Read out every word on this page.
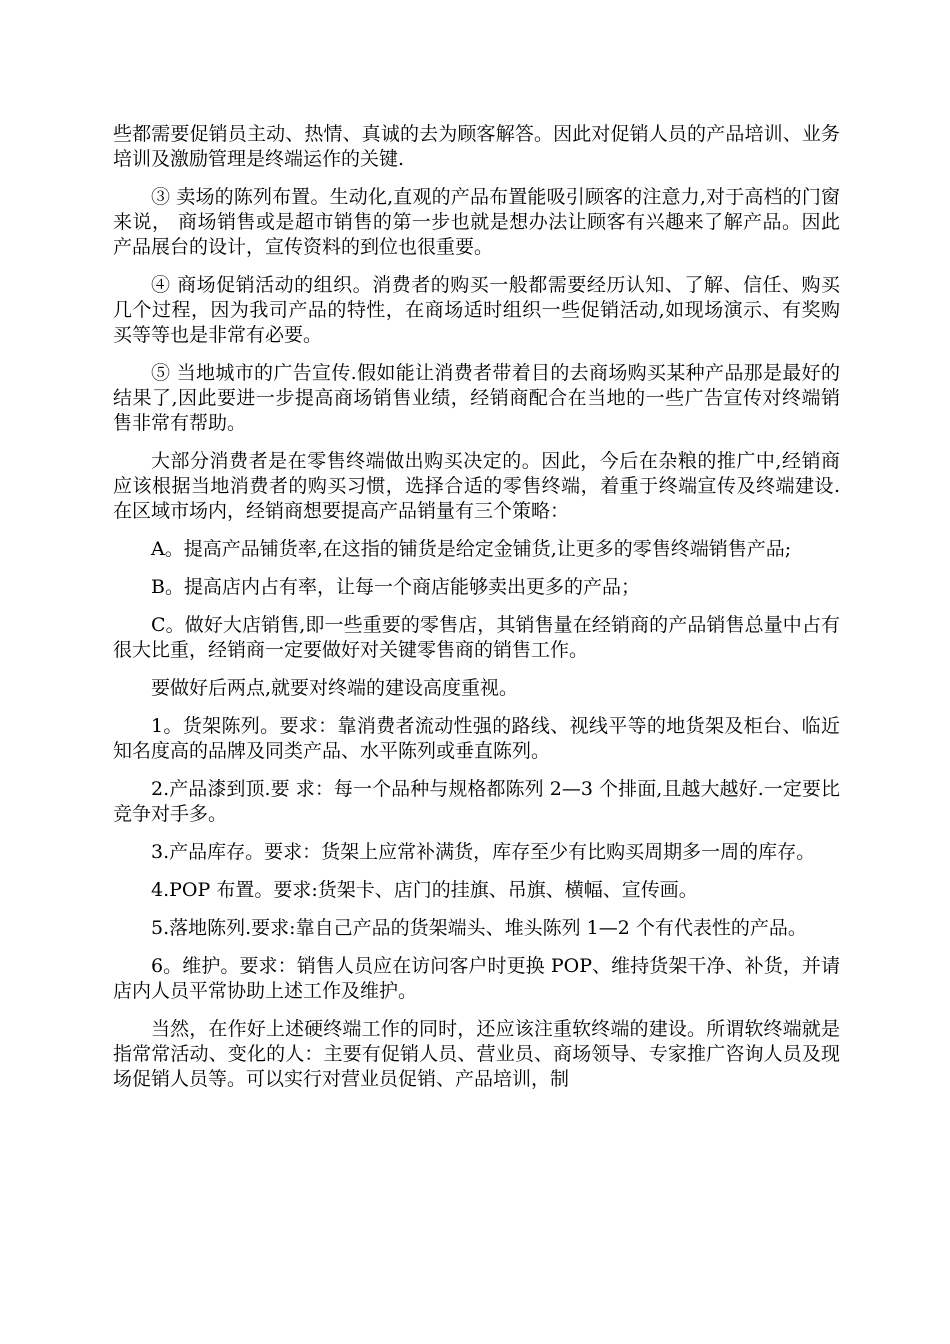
些都需要促销员主动、热情、真诚的去为顾客解答。因此对促销人员的产品培训、业务培训及激励管理是终端运作的关键.

③ 卖场的陈列布置。生动化,直观的产品布置能吸引顾客的注意力,对于高档的门窗来说， 商场销售或是超市销售的第一步也就是想办法让顾客有兴趣来了解产品。因此产品展台的设计，宣传资料的到位也很重要。

④ 商场促销活动的组织。消费者的购买一般都需要经历认知、了解、信任、购买几个过程，因为我司产品的特性，在商场适时组织一些促销活动,如现场演示、有奖购买等等也是非常有必要。

⑤ 当地城市的广告宣传.假如能让消费者带着目的去商场购买某种产品那是最好的结果了,因此要进一步提高商场销售业绩，经销商配合在当地的一些广告宣传对终端销售非常有帮助。

大部分消费者是在零售终端做出购买决定的。因此，今后在杂粮的推广中,经销商应该根据当地消费者的购买习惯，选择合适的零售终端，着重于终端宣传及终端建设.在区域市场内，经销商想要提高产品销量有三个策略：

A。提高产品铺货率,在这指的铺货是给定金铺货,让更多的零售终端销售产品;

B。提高店内占有率，让每一个商店能够卖出更多的产品；

C。做好大店销售,即一些重要的零售店，其销售量在经销商的产品销售总量中占有很大比重，经销商一定要做好对关键零售商的销售工作。

要做好后两点,就要对终端的建设高度重视。

1。货架陈列。要求：靠消费者流动性强的路线、视线平等的地货架及柜台、临近知名度高的品牌及同类产品、水平陈列或垂直陈列。

2.产品漆到顶.要 求：每一个品种与规格都陈列 2—3 个排面,且越大越好.一定要比竞争对手多。

3.产品库存。要求：货架上应常补满货，库存至少有比购买周期多一周的库存。

4.POP 布置。要求:货架卡、店门的挂旗、吊旗、横幅、宣传画。

5.落地陈列.要求:靠自己产品的货架端头、堆头陈列 1—2 个有代表性的产品。

6。维护。要求：销售人员应在访问客户时更换 POP、维持货架干净、补货，并请店内人员平常协助上述工作及维护。

当然，在作好上述硬终端工作的同时，还应该注重软终端的建设。所谓软终端就是指常常活动、变化的人：主要有促销人员、营业员、商场领导、专家推广咨询人员及现场促销人员等。可以实行对营业员促销、产品培训，制
